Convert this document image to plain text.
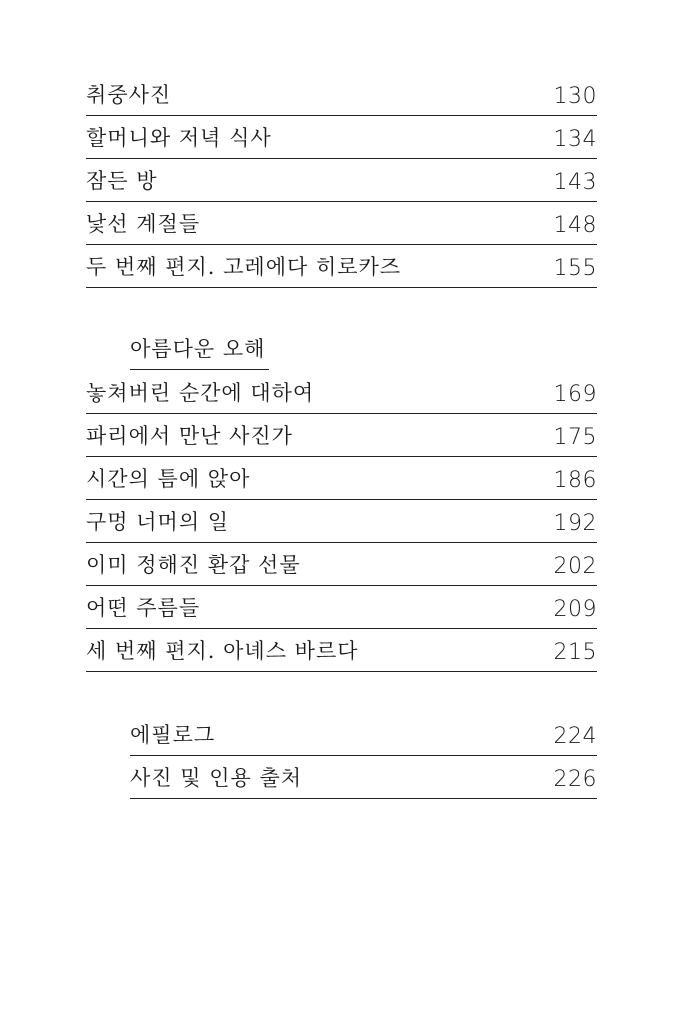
취중사진	130
할머니와 저녁 식사	134
잠든 방	143
낯선 계절들	148
두 번째 편지. 고레에다 히로카즈	155
아름다운 오해
놓쳐버린 순간에 대하여	169
파리에서 만난 사진가	175
시간의 틈에 앉아	186
구멍 너머의 일	192
이미 정해진 환갑 선물	202
어떤 주름들	209
세 번째 편지. 아녜스 바르다	215
에필로그	224
사진 및 인용 출처	226
